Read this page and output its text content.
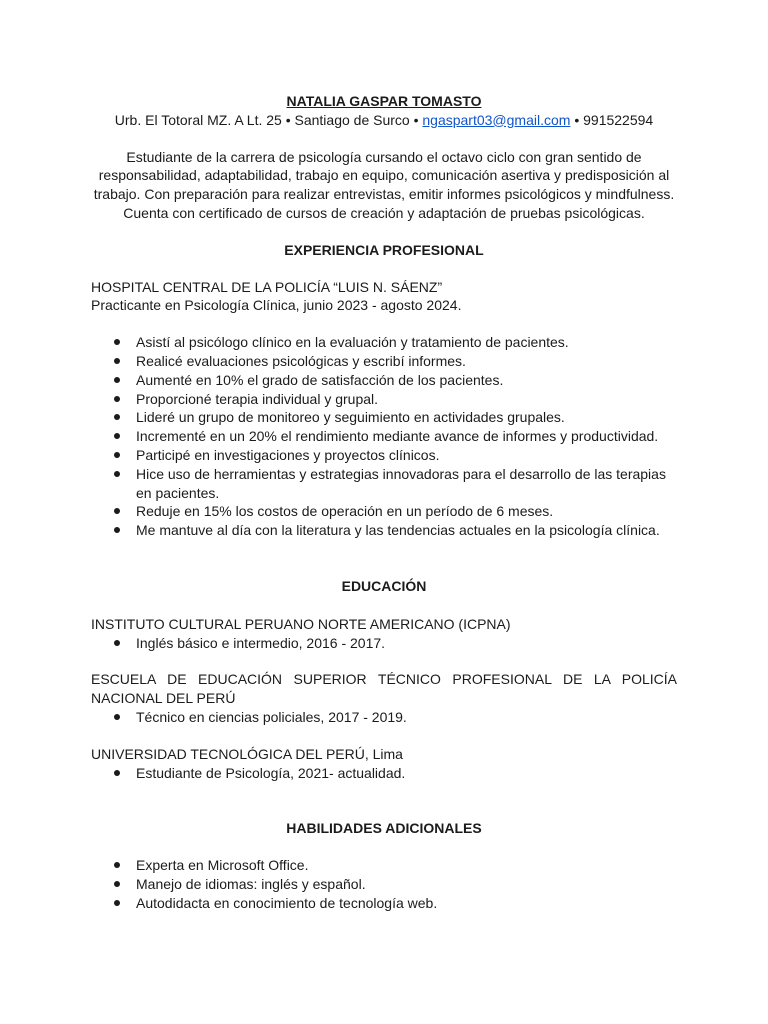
NATALIA GASPAR TOMASTO

Urb. El Totoral MZ. A Lt. 25 • Santiago de Surco • ngaspart03@gmail.com • 991522594

Estudiante de la carrera de psicología cursando el octavo ciclo con gran sentido de responsabilidad, adaptabilidad, trabajo en equipo, comunicación asertiva y predisposición al trabajo. Con preparación para realizar entrevistas, emitir informes psicológicos y mindfulness. Cuenta con certificado de cursos de creación y adaptación de pruebas psicológicas.

EXPERIENCIA PROFESIONAL

HOSPITAL CENTRAL DE LA POLICÍA “LUIS N. SÁENZ”

Practicante en Psicología Clínica, junio 2023 - agosto 2024.

Asistí al psicólogo clínico en la evaluación y tratamiento de pacientes.
Realicé evaluaciones psicológicas y escribí informes.
Aumenté en 10% el grado de satisfacción de los pacientes.
Proporcioné terapia individual y grupal.
Lideré un grupo de monitoreo y seguimiento en actividades grupales.
Incrementé en un 20% el rendimiento mediante avance de informes y productividad.
Participé en investigaciones y proyectos clínicos.
Hice uso de herramientas y estrategias innovadoras para el desarrollo de las terapias en pacientes.
Reduje en 15% los costos de operación en un período de 6 meses.
Me mantuve al día con la literatura y las tendencias actuales en la psicología clínica.

EDUCACIÓN

INSTITUTO CULTURAL PERUANO NORTE AMERICANO (ICPNA)

Inglés básico e intermedio, 2016 - 2017.

ESCUELA DE EDUCACIÓN SUPERIOR TÉCNICO PROFESIONAL DE LA POLICÍA NACIONAL DEL PERÚ

Técnico en ciencias policiales, 2017 - 2019.

UNIVERSIDAD TECNOLÓGICA DEL PERÚ, Lima

Estudiante de Psicología, 2021- actualidad.

HABILIDADES ADICIONALES

Experta en Microsoft Office.
Manejo de idiomas: inglés y español.
Autodidacta en conocimiento de tecnología web.
